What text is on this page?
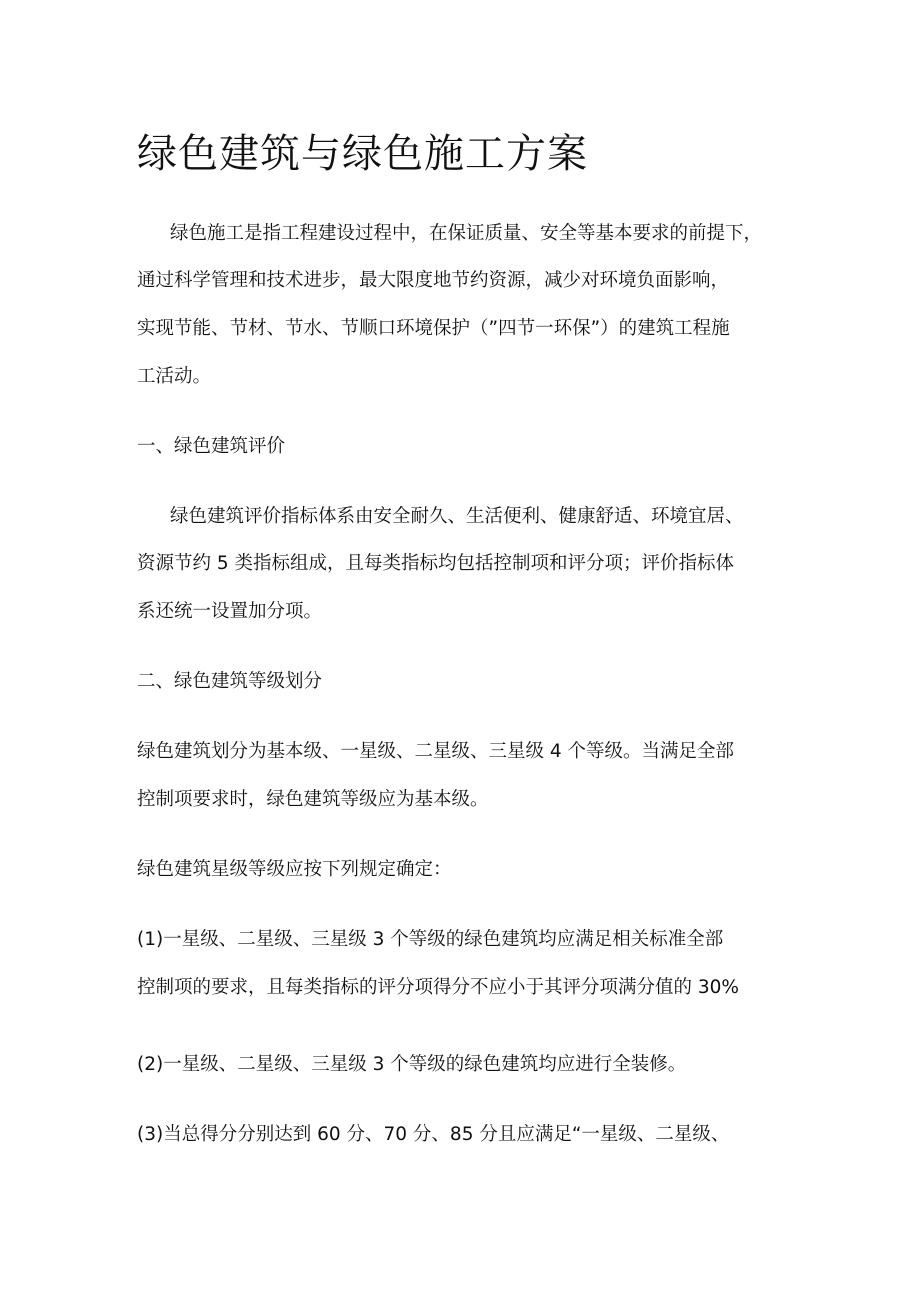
绿色建筑与绿色施工方案

绿色施工是指工程建设过程中，在保证质量、安全等基本要求的前提下，

通过科学管理和技术进步，最大限度地节约资源，减少对环境负面影响，

实现节能、节材、节水、节顺口环境保护（”四节一环保”）的建筑工程施

工活动。

一、绿色建筑评价

绿色建筑评价指标体系由安全耐久、生活便利、健康舒适、环境宜居、

资源节约 5 类指标组成，且每类指标均包括控制项和评分项；评价指标体

系还统一设置加分项。

二、绿色建筑等级划分

绿色建筑划分为基本级、一星级、二星级、三星级 4 个等级。当满足全部

控制项要求时，绿色建筑等级应为基本级。

绿色建筑星级等级应按下列规定确定：

(1)一星级、二星级、三星级 3 个等级的绿色建筑均应满足相关标准全部

控制项的要求，且每类指标的评分项得分不应小于其评分项满分值的 30%

(2)一星级、二星级、三星级 3 个等级的绿色建筑均应进行全装修。

(3)当总得分分别达到 60 分、70 分、85 分且应满足“一星级、二星级、
